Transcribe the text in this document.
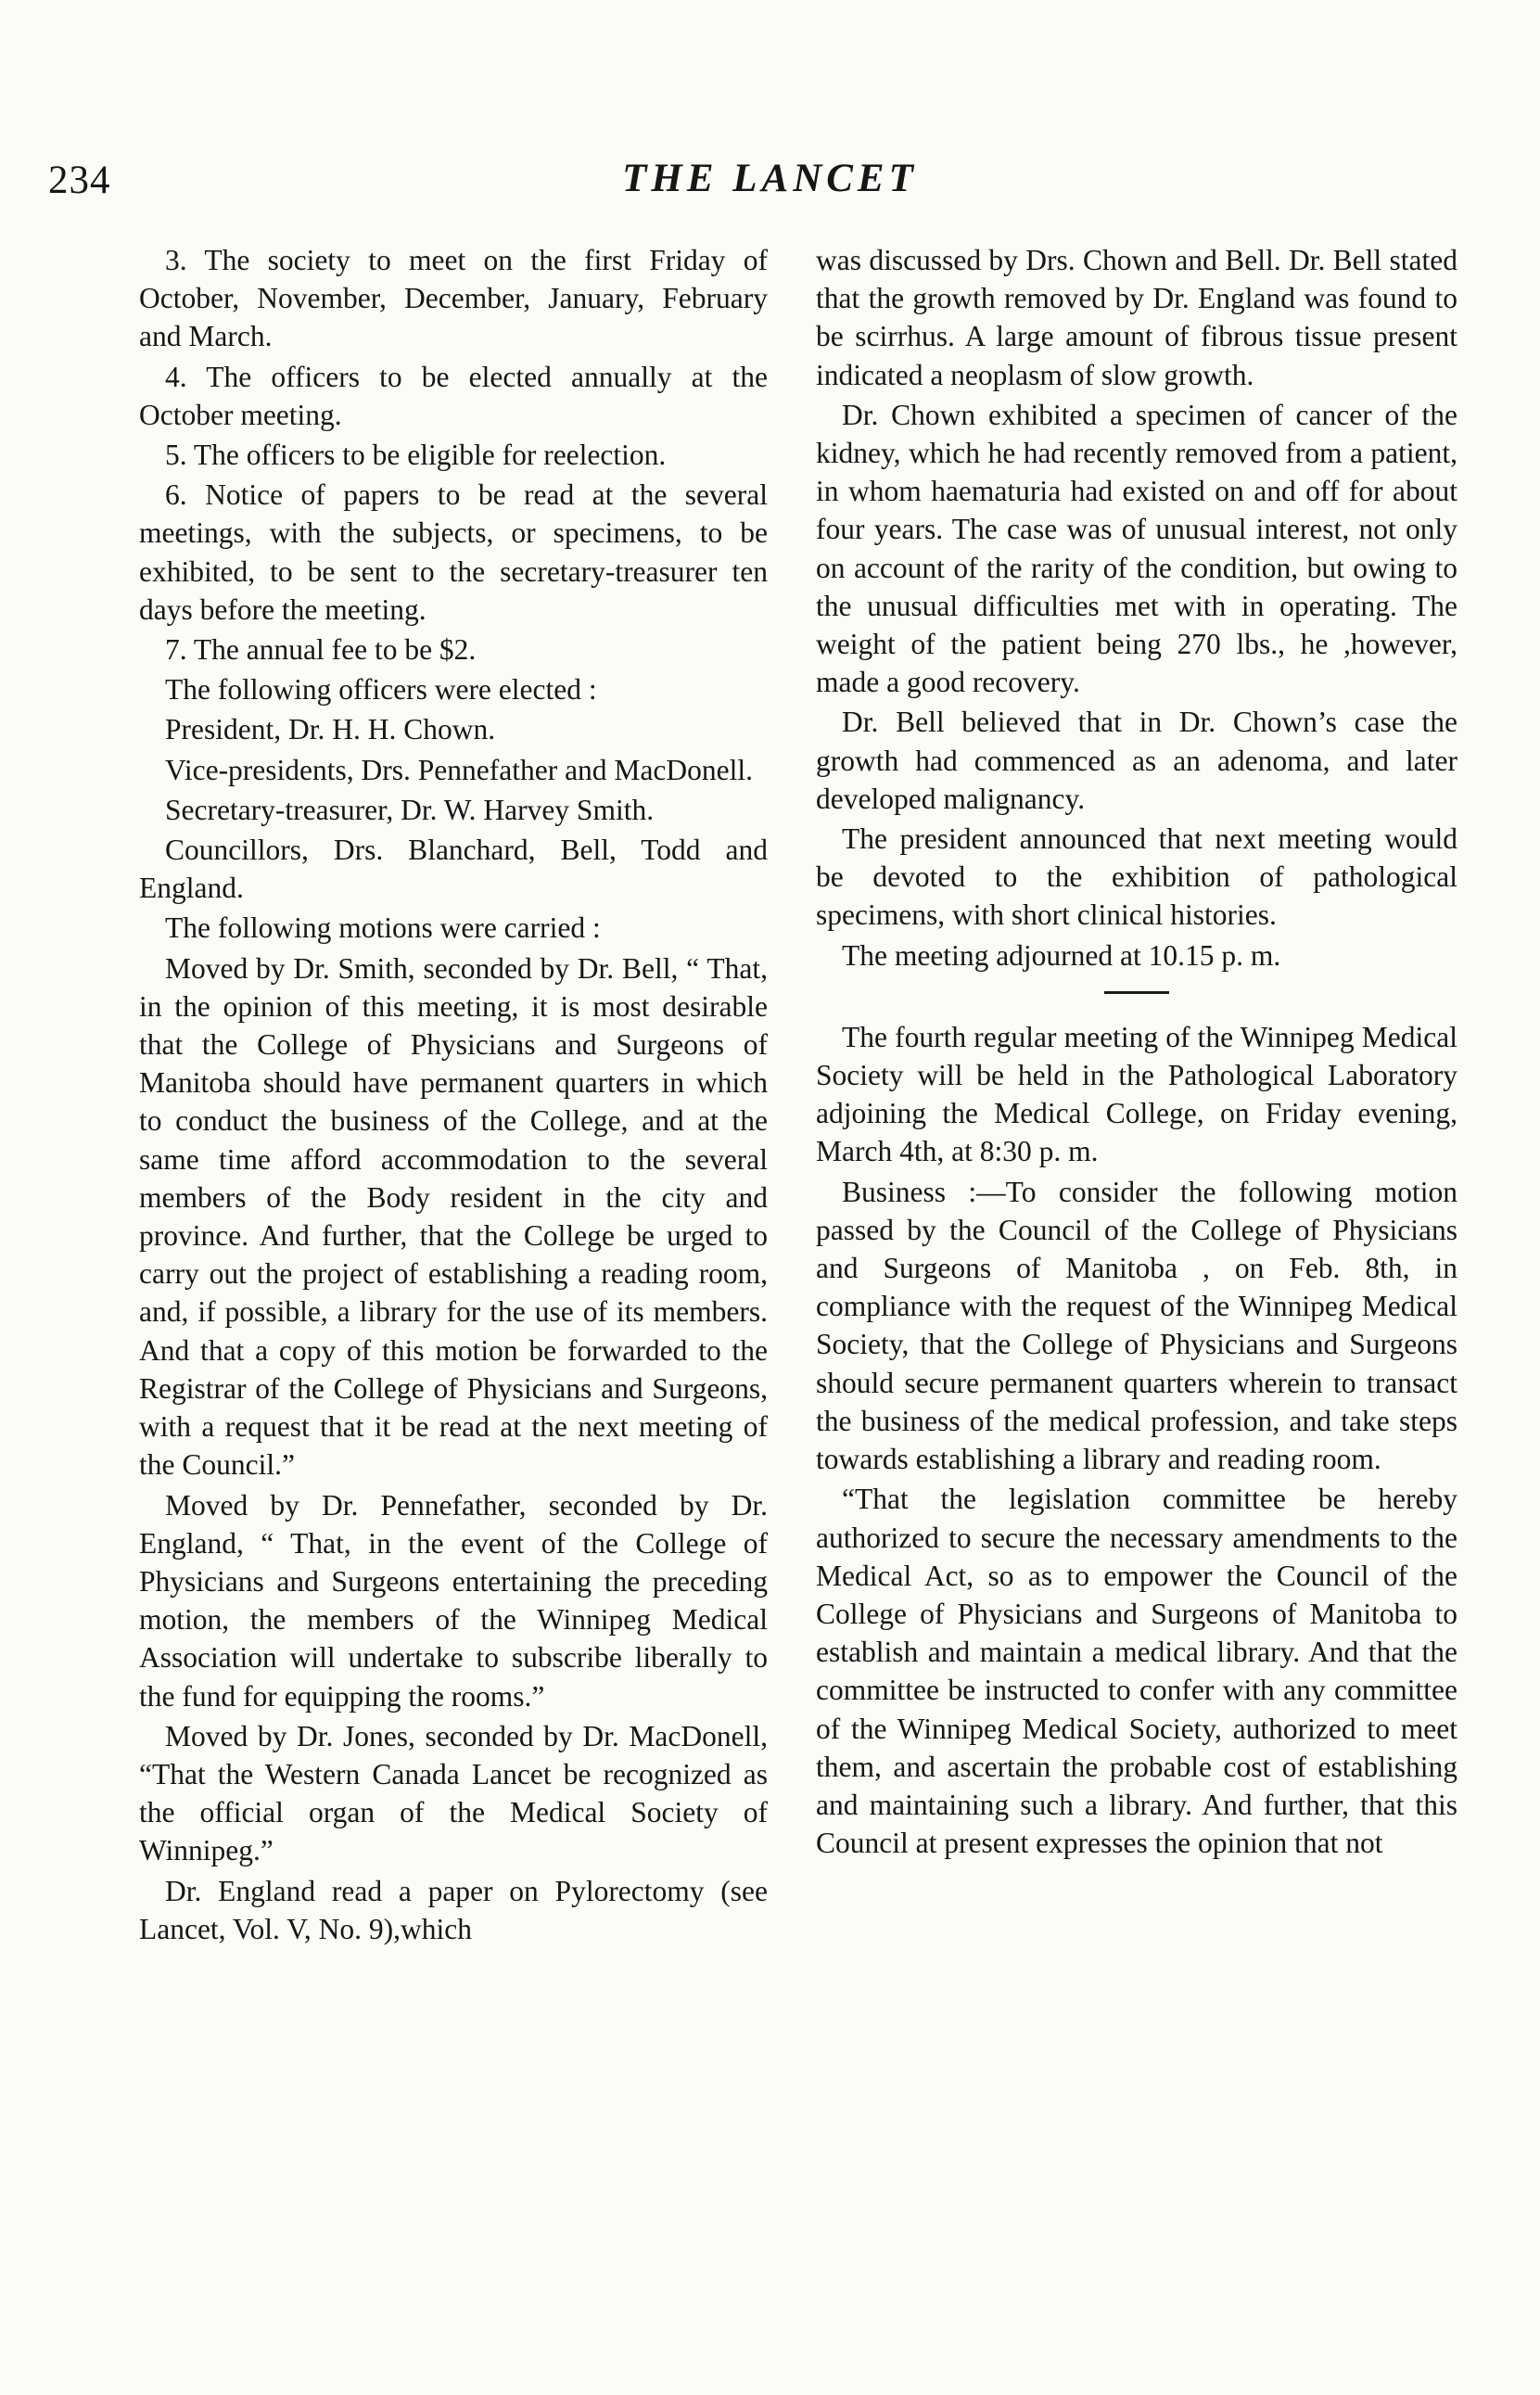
234	THE LANCET

3. The society to meet on the first Friday of October, November, December, January, February and March.

4. The officers to be elected annually at the October meeting.

5. The officers to be eligible for reelection.

6. Notice of papers to be read at the several meetings, with the subjects, or specimens, to be exhibited, to be sent to the secretary-treasurer ten days before the meeting.

7. The annual fee to be $2.

The following officers were elected :

President, Dr. H. H. Chown.

Vice-presidents, Drs. Pennefather and MacDonell.

Secretary-treasurer, Dr. W. Harvey Smith.

Councillors, Drs. Blanchard, Bell, Todd and England.

The following motions were carried :

Moved by Dr. Smith, seconded by Dr. Bell, “ That, in the opinion of this meeting, it is most desirable that the College of Physicians and Surgeons of Manitoba should have permanent quarters in which to conduct the business of the College, and at the same time afford accommodation to the several members of the Body resident in the city and province. And further, that the College be urged to carry out the project of establishing a reading room, and, if possible, a library for the use of its members. And that a copy of this motion be forwarded to the Registrar of the College of Physicians and Surgeons, with a request that it be read at the next meeting of the Council.”

Moved by Dr. Pennefather, seconded by Dr. England, “ That, in the event of the College of Physicians and Surgeons entertaining the preceding motion, the members of the Winnipeg Medical Association will undertake to subscribe liberally to the fund for equipping the rooms.”

Moved by Dr. Jones, seconded by Dr. MacDonell, “That the Western Canada Lancet be recognized as the official organ of the Medical Society of Winnipeg.”

Dr. England read a paper on Pylorectomy (see Lancet, Vol. V, No. 9),which

was discussed by Drs. Chown and Bell. Dr. Bell stated that the growth removed by Dr. England was found to be scirrhus. A large amount of fibrous tissue present indicated a neoplasm of slow growth.

Dr. Chown exhibited a specimen of cancer of the kidney, which he had recently removed from a patient, in whom haematuria had existed on and off for about four years. The case was of unusual interest, not only on account of the rarity of the condition, but owing to the unusual difficulties met with in operating. The weight of the patient being 270 lbs., he ,however, made a good recovery.

Dr. Bell believed that in Dr. Chown’s case the growth had commenced as an adenoma, and later developed malignancy.

The president announced that next meeting would be devoted to the exhibition of pathological specimens, with short clinical histories.

The meeting adjourned at 10.15 p. m.

The fourth regular meeting of the Winnipeg Medical Society will be held in the Pathological Laboratory adjoining the Medical College, on Friday evening, March 4th, at 8:30 p. m.

Business :—To consider the following motion passed by the Council of the College of Physicians and Surgeons of Manitoba , on Feb. 8th, in compliance with the request of the Winnipeg Medical Society, that the College of Physicians and Surgeons should secure permanent quarters wherein to transact the business of the medical profession, and take steps towards establishing a library and reading room.

“That the legislation committee be hereby authorized to secure the necessary amendments to the Medical Act, so as to empower the Council of the College of Physicians and Surgeons of Manitoba to establish and maintain a medical library. And that the committee be instructed to confer with any committee of the Winnipeg Medical Society, authorized to meet them, and ascertain the probable cost of establishing and maintaining such a library. And further, that this Council at present expresses the opinion that not
